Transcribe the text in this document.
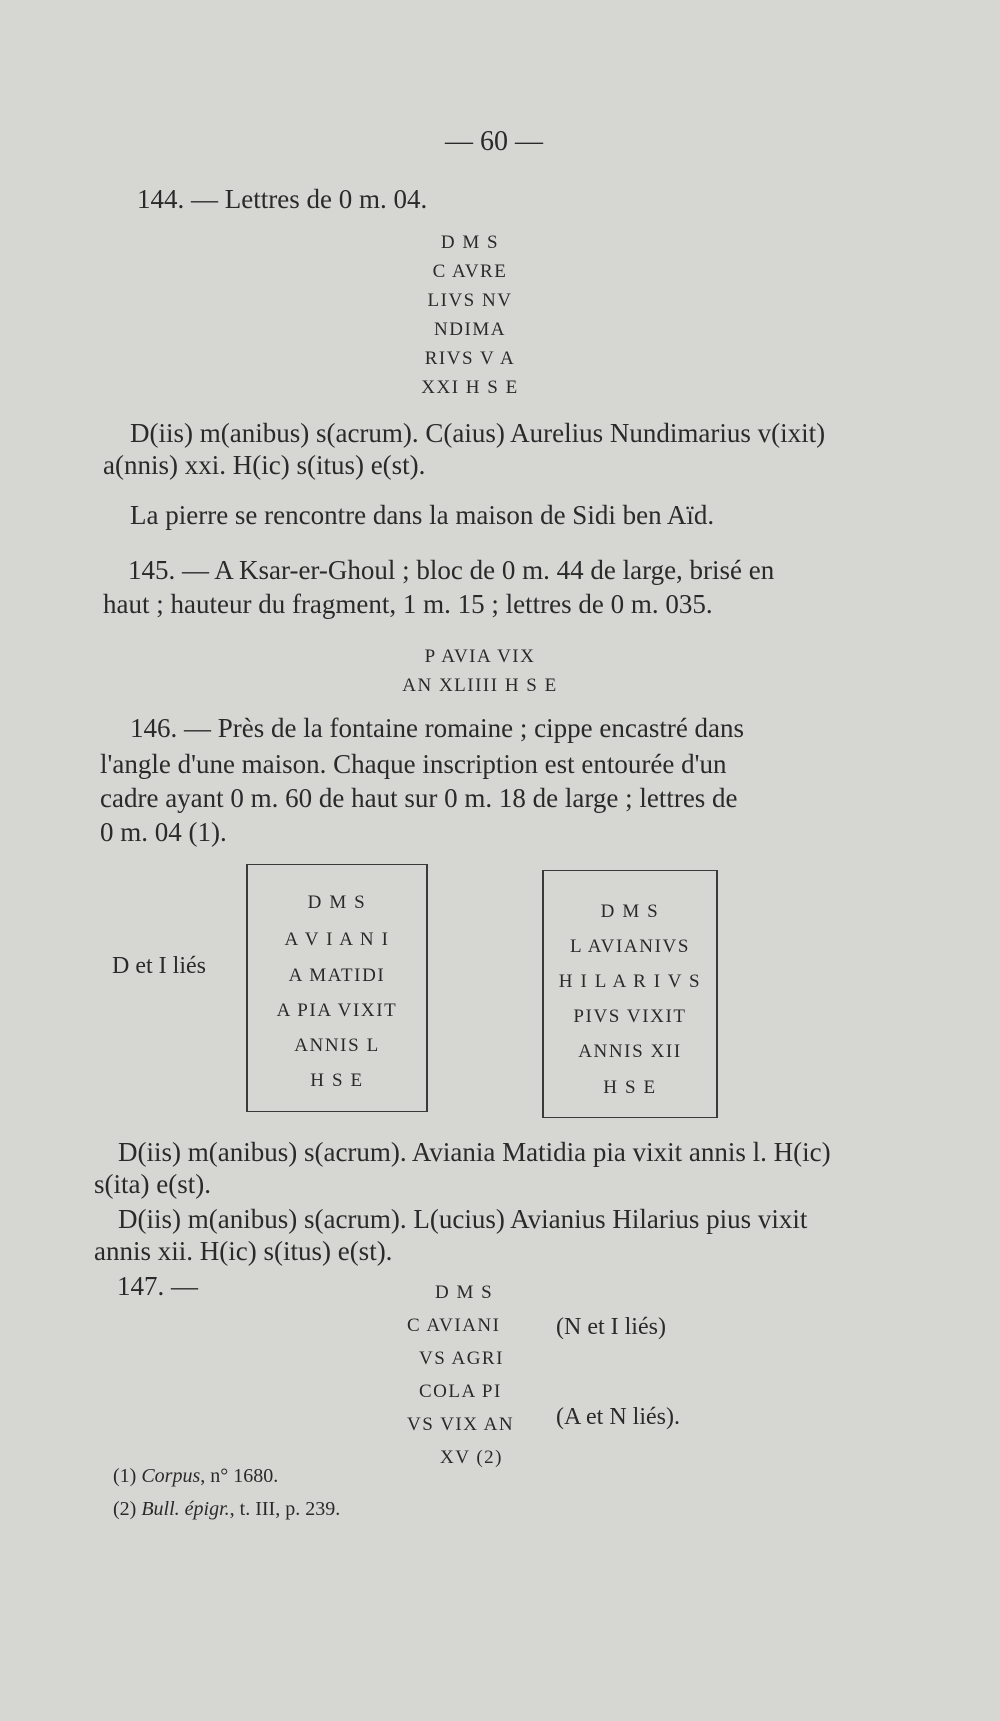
— 60 —
144. — Lettres de 0 m. 04.
D M S
C AVRE
LIVS NV
NDIMA
RIVS V A
XXI H S E
D(iis) m(anibus) s(acrum). C(aius) Aurelius Nundimarius v(ixit)
a(nnis) xxi. H(ic) s(itus) e(st).
La pierre se rencontre dans la maison de Sidi ben Aïd.
145. — A Ksar-er-Ghoul ; bloc de 0 m. 44 de large, brisé en
haut ; hauteur du fragment, 1 m. 15 ; lettres de 0 m. 035.
P AVIA VIX
AN XLIIII H S E
146. — Près de la fontaine romaine ; cippe encastré dans
l'angle d'une maison. Chaque inscription est entourée d'un
cadre ayant 0 m. 60 de haut sur 0 m. 18 de large ; lettres de
0 m. 04 (1).
D et I liés
D M S
A V I A N I
A MATIDI
A PIA VIXIT
ANNIS L
H S E
D M S
L AVIANIVS
H I L A R I V S
PIVS VIXIT
ANNIS XII
H S E
D(iis) m(anibus) s(acrum). Aviania Matidia pia vixit annis l. H(ic)
s(ita) e(st).
D(iis) m(anibus) s(acrum). L(ucius) Avianius Hilarius pius vixit
annis xii. H(ic) s(itus) e(st).
147. —	D M S
C AVIANI
VS AGRI
COLA PI
VS VIX AN
XV (2)
(N et I liés)
(A et N liés).
(1) Corpus, n° 1680.
(2) Bull. épigr., t. III, p. 239.
